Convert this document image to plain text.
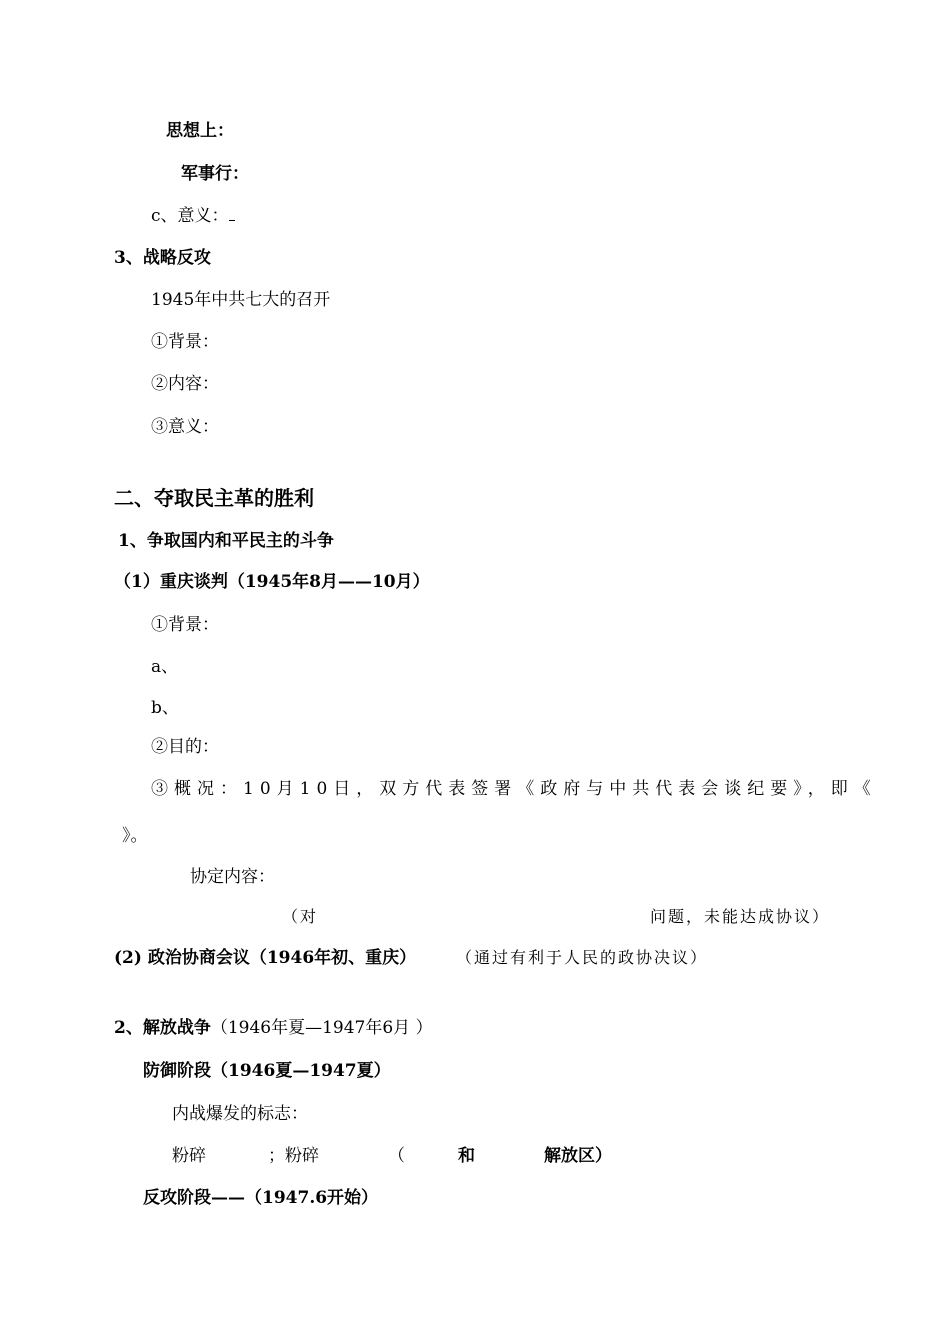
思想上：
军事行：
c、意义：
3、战略反攻
1945年中共七大的召开
①背景：
②内容：
③意义：
二、夺取民主革的胜利
1、争取国内和平民主的斗争
（1）重庆谈判（1945年8月——10月）
①背景：
a、
b、
②目的：
③概况：10月10日，双方代表签署《政府与中共代表会谈纪要》，即《
》。
协定内容：
（对	问题，未能达成协议）
(2) 政治协商会议（1946年初、重庆） （通过有利于人民的政协决议）
2、解放战争（1946年夏—1947年6月 ）
防御阶段（1946夏—1947夏）
内战爆发的标志：
粉碎	；粉碎	（	和	解放区）
反攻阶段——（1947.6开始）
